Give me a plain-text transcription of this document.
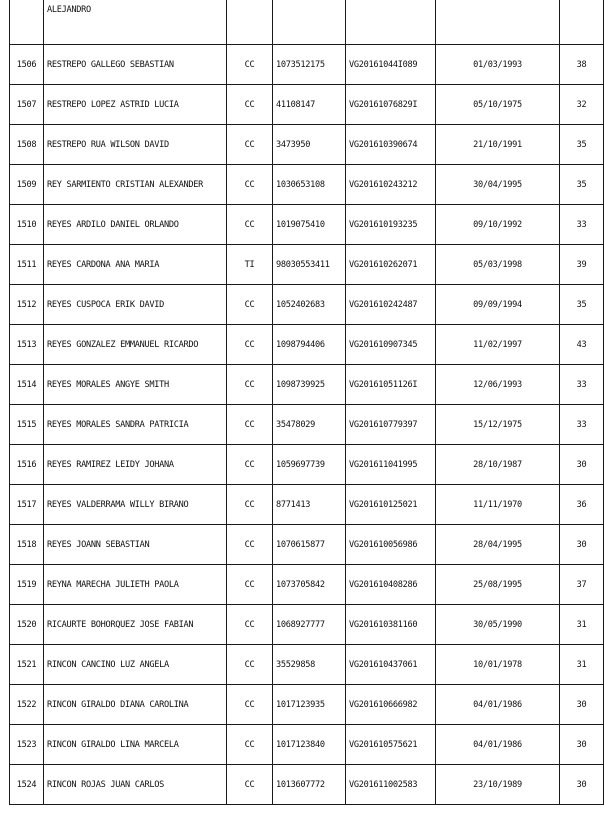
	ALEJANDRO					
1506	RESTREPO GALLEGO SEBASTIAN	CC	1073512175	VG20161044I089	01/03/1993	38
1507	RESTREPO LOPEZ ASTRID LUCIA	CC	41108147	VG20161076829I	05/10/1975	32
1508	RESTREPO RUA WILSON DAVID	CC	3473950	VG201610390674	21/10/1991	35
1509	REY SARMIENTO CRISTIAN ALEXANDER	CC	1030653108	VG201610243212	30/04/1995	35
1510	REYES ARDILO DANIEL ORLANDO	CC	1019075410	VG201610193235	09/10/1992	33
1511	REYES CARDONA ANA MARIA	TI	98030553411	VG201610262071	05/03/1998	39
1512	REYES CUSPOCA ERIK DAVID	CC	1052402683	VG201610242487	09/09/1994	35
1513	REYES GONZALEZ EMMANUEL RICARDO	CC	1098794406	VG201610907345	11/02/1997	43
1514	REYES MORALES ANGYE SMITH	CC	1098739925	VG20161051126I	12/06/1993	33
1515	REYES MORALES SANDRA PATRICIA	CC	35478029	VG201610779397	15/12/1975	33
1516	REYES RAMIREZ LEIDY JOHANA	CC	1059697739	VG201611041995	28/10/1987	30
1517	REYES VALDERRAMA WILLY BIRANO	CC	8771413	VG201610125021	11/11/1970	36
1518	REYES JOANN SEBASTIAN	CC	1070615877	VG201610056986	28/04/1995	30
1519	REYNA MARECHA JULIETH PAOLA	CC	1073705842	VG201610408286	25/08/1995	37
1520	RICAURTE BOHORQUEZ JOSE FABIAN	CC	1068927777	VG201610381160	30/05/1990	31
1521	RINCON CANCINO LUZ ANGELA	CC	35529858	VG201610437061	10/01/1978	31
1522	RINCON GIRALDO DIANA CAROLINA	CC	1017123935	VG201610666982	04/01/1986	30
1523	RINCON GIRALDO LINA MARCELA	CC	1017123840	VG201610575621	04/01/1986	30
1524	RINCON ROJAS JUAN CARLOS	CC	1013607772	VG201611002583	23/10/1989	30
